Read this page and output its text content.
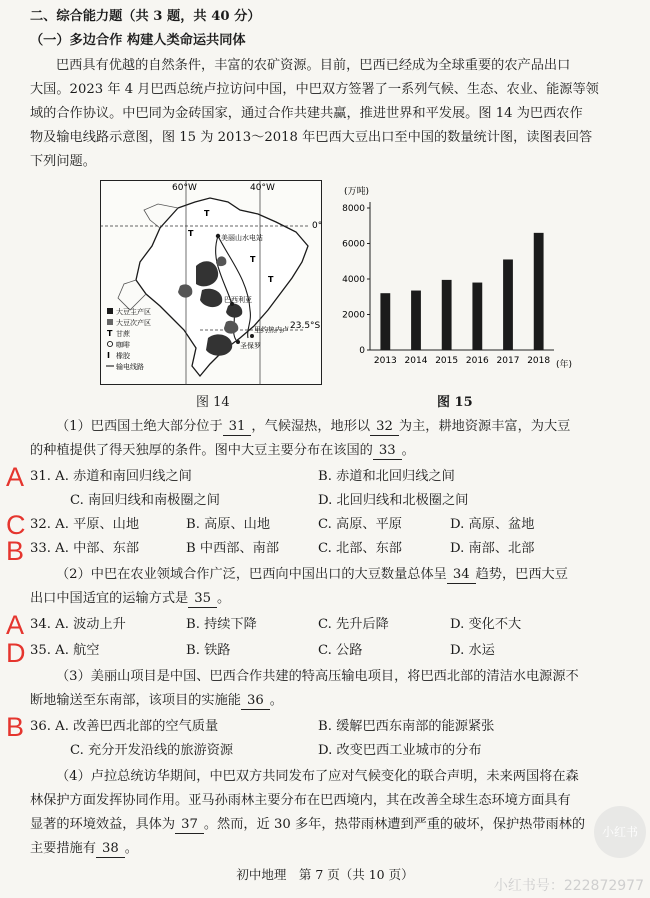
二、综合能力题（共 3 题，共 40 分）
（一）多边合作 构建人类命运共同体
巴西具有优越的自然条件，丰富的农矿资源。目前，巴西已经成为全球重要的农产品出口
大国。2023 年 4 月巴西总统卢拉访问中国，中巴双方签署了一系列气候、生态、农业、能源等领
域的合作协议。中巴同为金砖国家，通过合作共建共赢，推进世界和平发展。图 14 为巴西农作
物及输电线路示意图，图 15 为 2013～2018 年巴西大豆出口至中国的数量统计图，读图表回答
下列问题。
60°W	40°W
0°
23.5°S
T
T
T
T
美丽山水电站
巴西利亚
圣保罗
里约热内卢
大豆主产区
大豆次产区
T 甘蔗
咖啡
I 橡胶
输电线路
图 14
(万吨)
(年)
0
2000
4000
6000
8000
2013 2014 2015 2016 2017 2018
图 15
（1）巴西国土绝大部分位于 31 ，气候湿热，地形以 32 为主，耕地资源丰富，为大豆
的种植提供了得天独厚的条件。图中大豆主要分布在该国的 33 。
A 31. A. 赤道和南回归线之间	B. 赤道和北回归线之间
C. 南回归线和南极圈之间	D. 北回归线和北极圈之间
C 32. A. 平原、山地	B. 高原、山地	C. 高原、平原	D. 高原、盆地
B 33. A. 中部、东部	B 中西部、南部	C. 北部、东部	D. 南部、北部
（2）中巴在农业领域合作广泛，巴西向中国出口的大豆数量总体呈 34 趋势，巴西大豆
出口中国适宜的运输方式是 35 。
A 34. A. 波动上升	B. 持续下降	C. 先升后降	D. 变化不大
D 35. A. 航空	B. 铁路	C. 公路	D. 水运
（3）美丽山项目是中国、巴西合作共建的特高压输电项目，将巴西北部的清洁水电源源不
断地输送至东南部，该项目的实施能 36 。
B 36. A. 改善巴西北部的空气质量	B. 缓解巴西东南部的能源紧张
C. 充分开发沿线的旅游资源	D. 改变巴西工业城市的分布
（4）卢拉总统访华期间，中巴双方共同发布了应对气候变化的联合声明，未来两国将在森
林保护方面发挥协同作用。亚马孙雨林主要分布在巴西境内，其在改善全球生态环境方面具有
显著的环境效益，具体为 37 。然而，近 30 多年，热带雨林遭到严重的破坏，保护热带雨林的
主要措施有 38 。
初中地理　第 7 页（共 10 页）
小红书
小红书号：222872977
